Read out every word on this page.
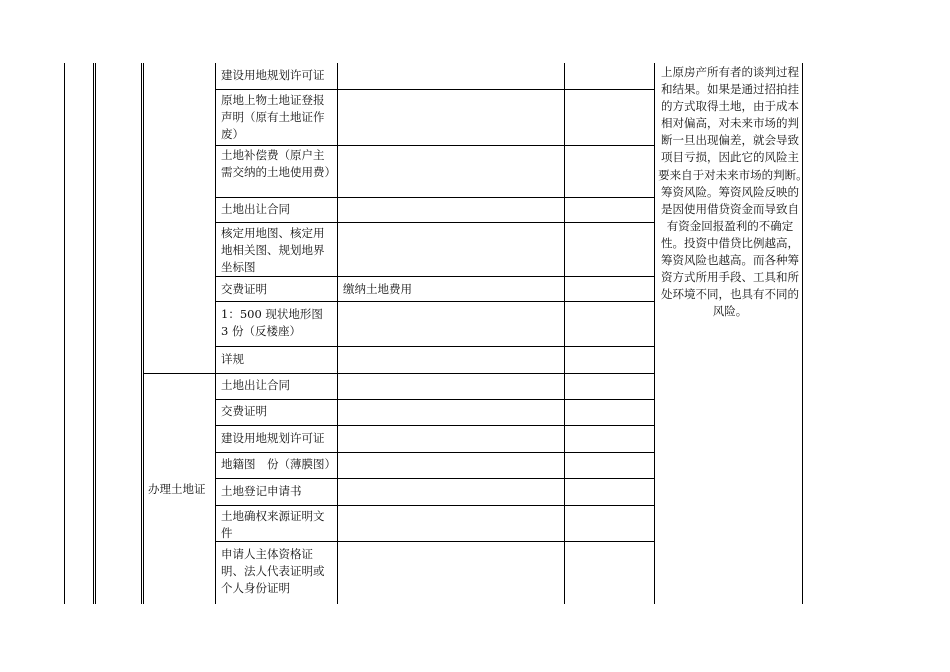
建设用地规划许可证
原地上物土地证登报声明（原有土地证作废）
土地补偿费（原户主需交纳的土地使用费）
土地出让合同
核定用地图、核定用地相关图、规划地界坐标图
交费证明	缴纳土地费用
1：500 现状地形图 3 份（反楼座）
详规
办理土地证
土地出让合同
交费证明
建设用地规划许可证
地籍图　份（薄膜图）
土地登记申请书
土地确权来源证明文件
申请人主体资格证明、法人代表证明或个人身份证明
上原房产所有者的谈判过程和结果。如果是通过招拍挂的方式取得土地，由于成本相对偏高，对未来市场的判断一旦出现偏差，就会导致项目亏损，因此它的风险主要来自于对未来市场的判断。　筹资风险。筹资风险反映的是因使用借贷资金而导致自有资金回报盈利的不确定性。投资中借贷比例越高，筹资风险也越高。而各种筹资方式所用手段、工具和所处环境不同，也具有不同的风险。
